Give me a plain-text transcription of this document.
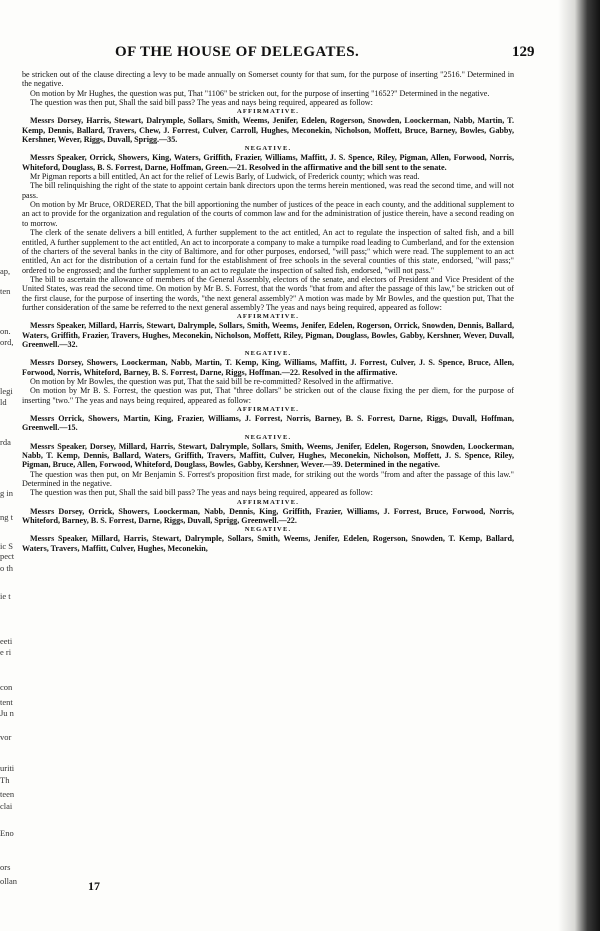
ap,
ten
on.
ord,
legi
ld
rda
g in
ng t
ic S
pect
o th
ie t
eeti
e ri
con
tent
Ju n
vor
uriti
Th
teen
clai
Eno
ors
ollan
OF THE HOUSE OF DELEGATES.	129

be stricken out of the clause directing a levy to be made annually on Somerset county for that sum, for the purpose of inserting "2516." Determined in the negative.

On motion by Mr Hughes, the question was put, That "1106" be stricken out, for the purpose of inserting "1652?" Determined in the negative.

The question was then put, Shall the said bill pass? The yeas and nays being required, appeared as follow:

AFFIRMATIVE.

Messrs Dorsey, Harris, Stewart, Dalrymple, Sollars, Smith, Weems, Jenifer, Edelen, Rogerson, Snowden, Loockerman, Nabb, Martin, T. Kemp, Dennis, Ballard, Travers, Chew, J. Forrest, Culver, Carroll, Hughes, Meconekin, Nicholson, Moffett, Bruce, Barney, Bowles, Gabby, Kershner, Wever, Riggs, Duvall, Sprigg.—35.

NEGATIVE.

Messrs Speaker, Orrick, Showers, King, Waters, Griffith, Frazier, Williams, Maffitt, J. S. Spence, Riley, Pigman, Allen, Forwood, Norris, Whiteford, Douglass, B. S. Forrest, Darne, Hoffman, Green.—21. Resolved in the affirmative and the bill sent to the senate.

Mr Pigman reports a bill entitled, An act for the relief of Lewis Barly, of Ludwick, of Frederick county; which was read.

The bill relinquishing the right of the state to appoint certain bank directors upon the terms herein mentioned, was read the second time, and will not pass.

On motion by Mr Bruce, ORDERED, That the bill apportioning the number of justices of the peace in each county, and the additional supplement to an act to provide for the organization and regulation of the courts of common law and for the administration of justice therein, have a second reading on to morrow.

The clerk of the senate delivers a bill entitled, A further supplement to the act entitled, An act to regulate the inspection of salted fish, and a bill entitled, A further supplement to the act entitled, An act to incorporate a company to make a turnpike road leading to Cumberland, and for the extension of the charters of the several banks in the city of Baltimore, and for other purposes, endorsed, "will pass;" which were read. The supplement to an act entitled, An act for the distribution of a certain fund for the establishment of free schools in the several counties of this state, endorsed, "will pass;" ordered to be engrossed; and the further supplement to an act to regulate the inspection of salted fish, endorsed, "will not pass."

The bill to ascertain the allowance of members of the General Assembly, electors of the senate, and electors of President and Vice President of the United States, was read the second time. On motion by Mr B. S. Forrest, that the words "that from and after the passage of this law," be stricken out of the first clause, for the purpose of inserting the words, "the next general assembly?" A motion was made by Mr Bowles, and the question put, That the further consideration of the same be referred to the next general assembly? The yeas and nays being required, appeared as follow:

AFFIRMATIVE.

Messrs Speaker, Millard, Harris, Stewart, Dalrymple, Sollars, Smith, Weems, Jenifer, Edelen, Rogerson, Orrick, Snowden, Dennis, Ballard, Waters, Griffith, Frazier, Travers, Hughes, Meconekin, Nicholson, Moffett, Riley, Pigman, Douglass, Bowles, Gabby, Kershner, Wever, Duvall, Greenwell.—32.

NEGATIVE.

Messrs Dorsey, Showers, Loockerman, Nabb, Martin, T. Kemp, King, Williams, Maffitt, J. Forrest, Culver, J. S. Spence, Bruce, Allen, Forwood, Norris, Whiteford, Barney, B. S. Forrest, Darne, Riggs, Hoffman.—22. Resolved in the affirmative.

On motion by Mr Bowles, the question was put, That the said bill be re-committed? Resolved in the affirmative.

On motion by Mr B. S. Forrest, the question was put, That "three dollars" be stricken out of the clause fixing the per diem, for the purpose of inserting "two." The yeas and nays being required, appeared as follow:

AFFIRMATIVE.

Messrs Orrick, Showers, Martin, King, Frazier, Williams, J. Forrest, Norris, Barney, B. S. Forrest, Darne, Riggs, Duvall, Hoffman, Greenwell.—15.

NEGATIVE.

Messrs Speaker, Dorsey, Millard, Harris, Stewart, Dalrymple, Sollars, Smith, Weems, Jenifer, Edelen, Rogerson, Snowden, Loockerman, Nabb, T. Kemp, Dennis, Ballard, Waters, Griffith, Travers, Maffitt, Culver, Hughes, Meconekin, Nicholson, Moffett, J. S. Spence, Riley, Pigman, Bruce, Allen, Forwood, Whiteford, Douglass, Bowles, Gabby, Kershner, Wever.—39. Determined in the negative.

The question was then put, on Mr Benjamin S. Forrest's proposition first made, for striking out the words "from and after the passage of this law." Determined in the negative.

The question was then put, Shall the said bill pass? The yeas and nays being required, appeared as follow:

AFFIRMATIVE.

Messrs Dorsey, Orrick, Showers, Loockerman, Nabb, Dennis, King, Griffith, Frazier, Williams, J. Forrest, Bruce, Forwood, Norris, Whiteford, Barney, B. S. Forrest, Darne, Riggs, Duvall, Sprigg, Greenwell.—22.

NEGATIVE.

Messrs Speaker, Millard, Harris, Stewart, Dalrymple, Sollars, Smith, Weems, Jenifer, Edelen, Rogerson, Snowden, T. Kemp, Ballard, Waters, Travers, Maffitt, Culver, Hughes, Meconekin,

17
